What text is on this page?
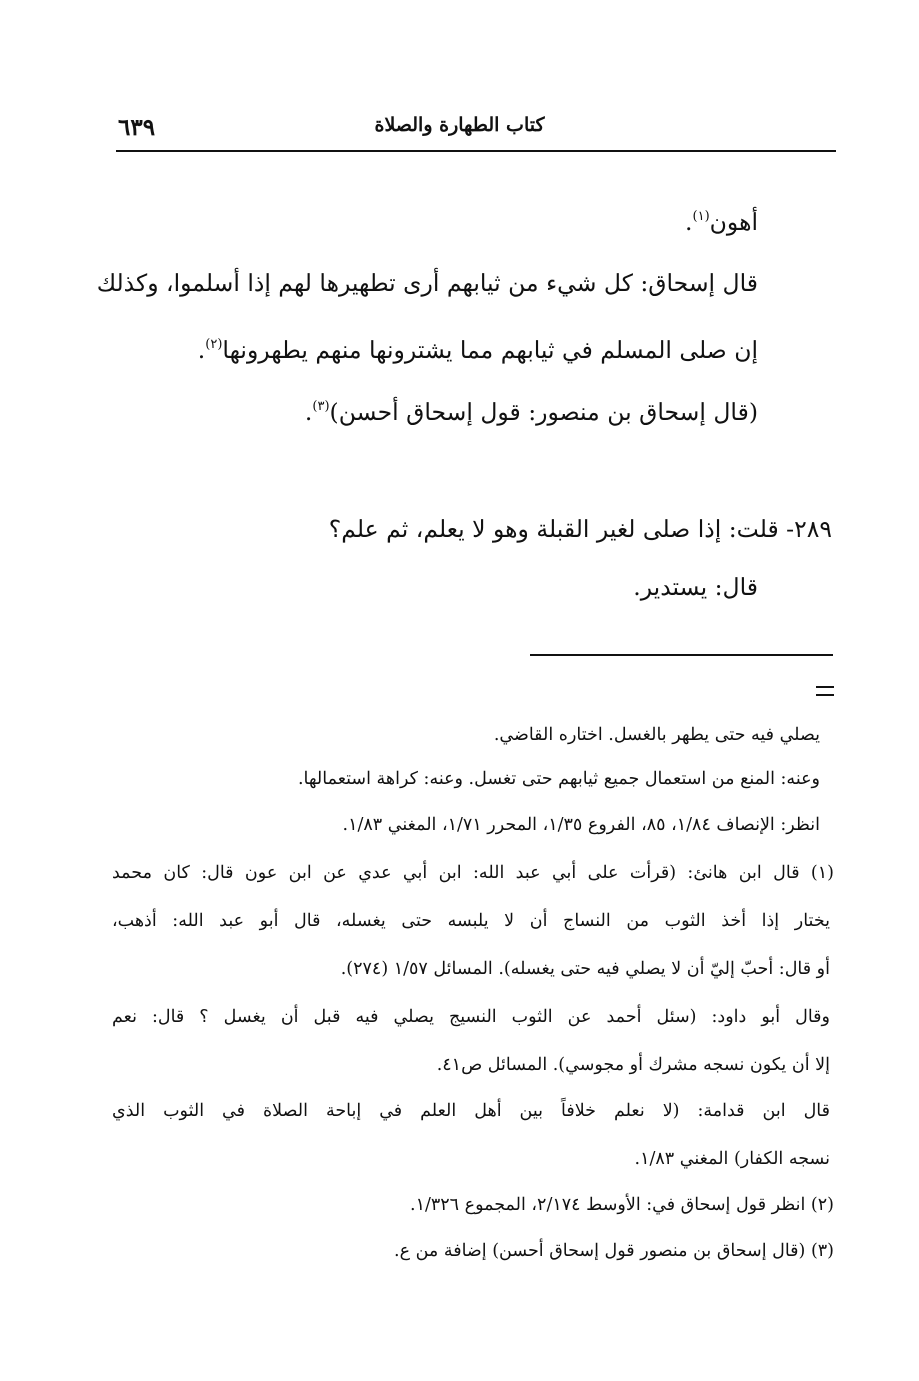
كتاب الطهارة والصلاة
٦٣٩
أهون$^{(١)}$.
قال إسحاق: كل شيء من ثيابهم أرى تطهيرها لهم إذا أسلموا، وكذلك
إن صلى المسلم في ثيابهم مما يشترونها منهم يطهرونها$^{(٢)}$.
(قال إسحاق بن منصور: قول إسحاق أحسن)$^{(٣)}$.
٢٨٩- قلت: إذا صلى لغير القبلة وهو لا يعلم، ثم علم؟
قال: يستدير.
يصلي فيه حتى يطهر بالغسل. اختاره القاضي.
وعنه: المنع من استعمال جميع ثيابهم حتى تغسل. وعنه: كراهة استعمالها.
انظر: الإنصاف ١/٨٤، ٨٥، الفروع ١/٣٥، المحرر ١/٧١، المغني ١/٨٣.
(١) قال ابن هانئ: (قرأت على أبي عبد الله: ابن أبي عدي عن ابن عون قال: كان محمد
يختار إذا أخذ الثوب من النساج أن لا يلبسه حتى يغسله، قال أبو عبد الله: أذهب،
أو قال: أحبّ إليّ أن لا يصلي فيه حتى يغسله). المسائل ١/٥٧ (٢٧٤).
وقال أبو داود: (سئل أحمد عن الثوب النسيج يصلي فيه قبل أن يغسل ؟ قال: نعم
إلا أن يكون نسجه مشرك أو مجوسي). المسائل ص٤١.
قال ابن قدامة: (لا نعلم خلافاً بين أهل العلم في إباحة الصلاة في الثوب الذي
نسجه الكفار) المغني ١/٨٣.
(٢) انظر قول إسحاق في: الأوسط ٢/١٧٤، المجموع ١/٣٢٦.
(٣) (قال إسحاق بن منصور قول إسحاق أحسن) إضافة من ع.
